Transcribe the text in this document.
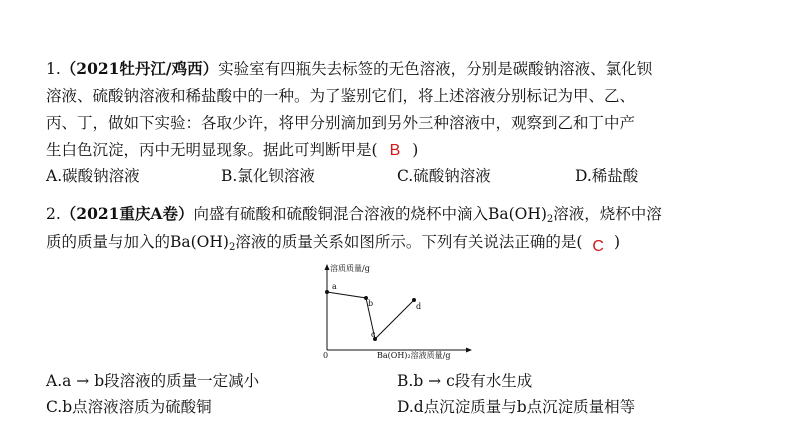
1.（2021牡丹江/鸡西）实验室有四瓶失去标签的无色溶液，分别是碳酸钠溶液、氯化钡
溶液、硫酸钠溶液和稀盐酸中的一种。为了鉴别它们，将上述溶液分别标记为甲、乙、
丙、丁，做如下实验：各取少许，将甲分别滴加到另外三种溶液中，观察到乙和丁中产
生白色沉淀，丙中无明显现象。据此可判断甲是( B )
A.碳酸钠溶液	B.氯化钡溶液	C.硫酸钠溶液	D.稀盐酸
2.（2021重庆A卷）向盛有硫酸和硫酸铜混合溶液的烧杯中滴入$Ba(OH)_2$溶液，烧杯中溶
质的质量与加入的$Ba(OH)_2$溶液的质量关系如图所示。下列有关说法正确的是( C )
溶质质量/g
a
b
c
d
0	Ba(OH)₂溶液质量/g
A.a → b段溶液的质量一定减小	B.b → c段有水生成
C.b点溶液溶质为硫酸铜	D.d点沉淀质量与b点沉淀质量相等
